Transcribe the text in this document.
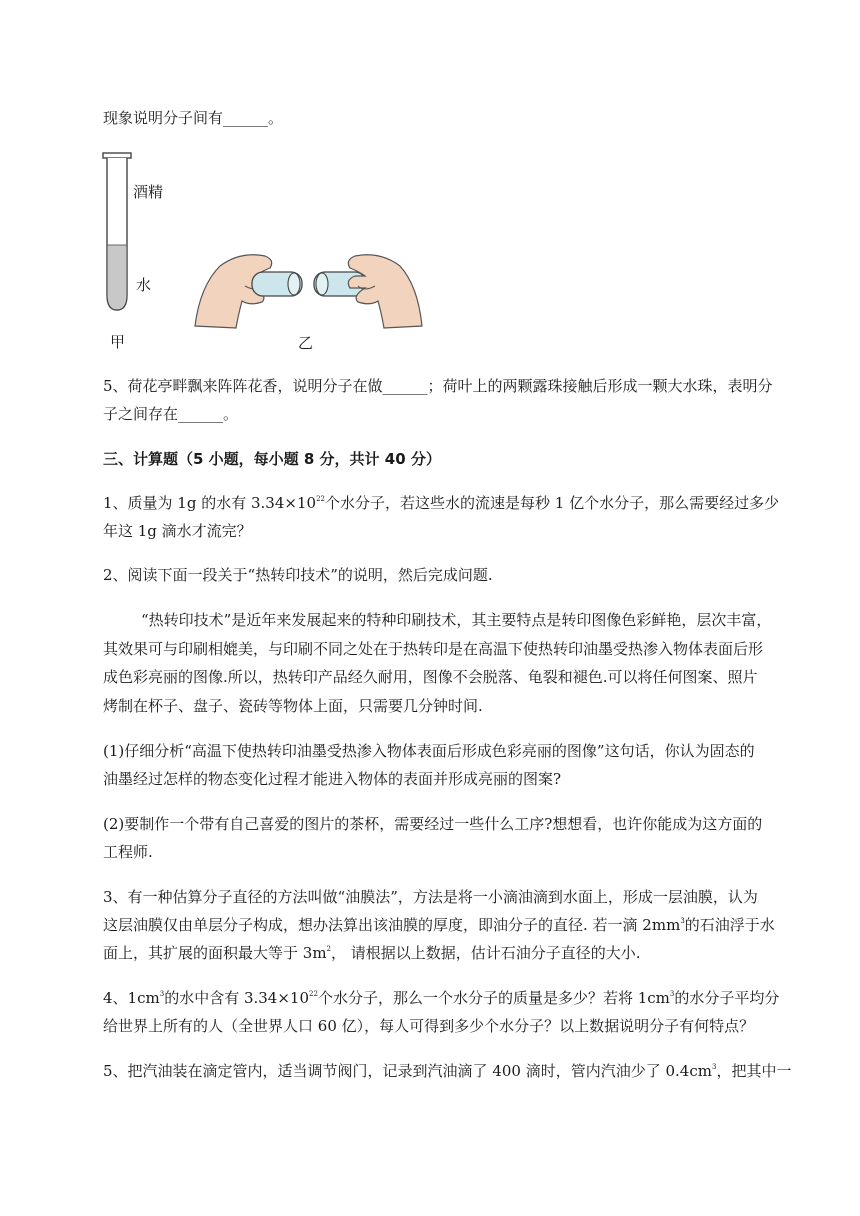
现象说明分子间有______。
酒精
水
甲	乙
5、荷花亭畔飘来阵阵花香，说明分子在做______；荷叶上的两颗露珠接触后形成一颗大水珠，表明分
子之间存在______。
三、计算题（5 小题，每小题 8 分，共计 40 分）
1、质量为 1g 的水有 $3.34\times 10^{22}$个水分子，若这些水的流速是每秒 1 亿个水分子，那么需要经过多少
年这 1g 滴水才流完？
2、阅读下面一段关于“热转印技术”的说明，然后完成问题.
“热转印技术”是近年来发展起来的特种印刷技术，其主要特点是转印图像色彩鲜艳，层次丰富，
其效果可与印刷相媲美，与印刷不同之处在于热转印是在高温下使热转印油墨受热渗入物体表面后形
成色彩亮丽的图像.所以，热转印产品经久耐用，图像不会脱落、龟裂和褪色.可以将任何图案、照片
烤制在杯子、盘子、瓷砖等物体上面，只需要几分钟时间.
(1)仔细分析“高温下使热转印油墨受热渗入物体表面后形成色彩亮丽的图像”这句话，你认为固态的
油墨经过怎样的物态变化过程才能进入物体的表面并形成亮丽的图案?
(2)要制作一个带有自己喜爱的图片的茶杯，需要经过一些什么工序?想想看，也许你能成为这方面的
工程师.
3、有一种估算分子直径的方法叫做“油膜法”，方法是将一小滴油滴到水面上，形成一层油膜，认为
这层油膜仅由单层分子构成，想办法算出该油膜的厚度，即油分子的直径. 若一滴 $2mm^3$的石油浮于水
面上，其扩展的面积最大等于 $3m^2$， 请根据以上数据，估计石油分子直径的大小.
4、$1cm^3$的水中含有 $3.34\times 10^{22}$个水分子，那么一个水分子的质量是多少？若将 $1cm^3$的水分子平均分
给世界上所有的人（全世界人口 60 亿），每人可得到多少个水分子？以上数据说明分子有何特点？
5、把汽油装在滴定管内，适当调节阀门，记录到汽油滴了 400 滴时，管内汽油少了 $0.4cm^3$，把其中一
